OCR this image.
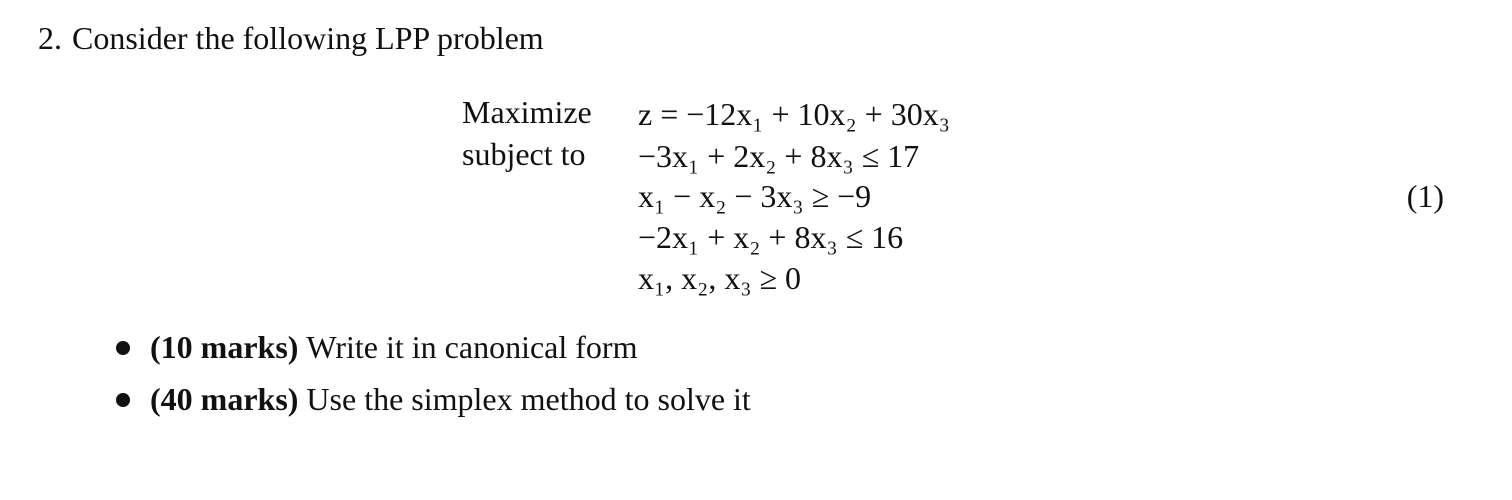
2. Consider the following LPP problem
Maximize
subject to
z = −12x₁ + 10x₂ + 30x₃
−3x₁ + 2x₂ + 8x₃ ≤ 17
x₁ − x₂ − 3x₃ ≥ −9
−2x₁ + x₂ + 8x₃ ≤ 16
x₁, x₂, x₃ ≥ 0
(1)
(10 marks) Write it in canonical form
(40 marks) Use the simplex method to solve it
